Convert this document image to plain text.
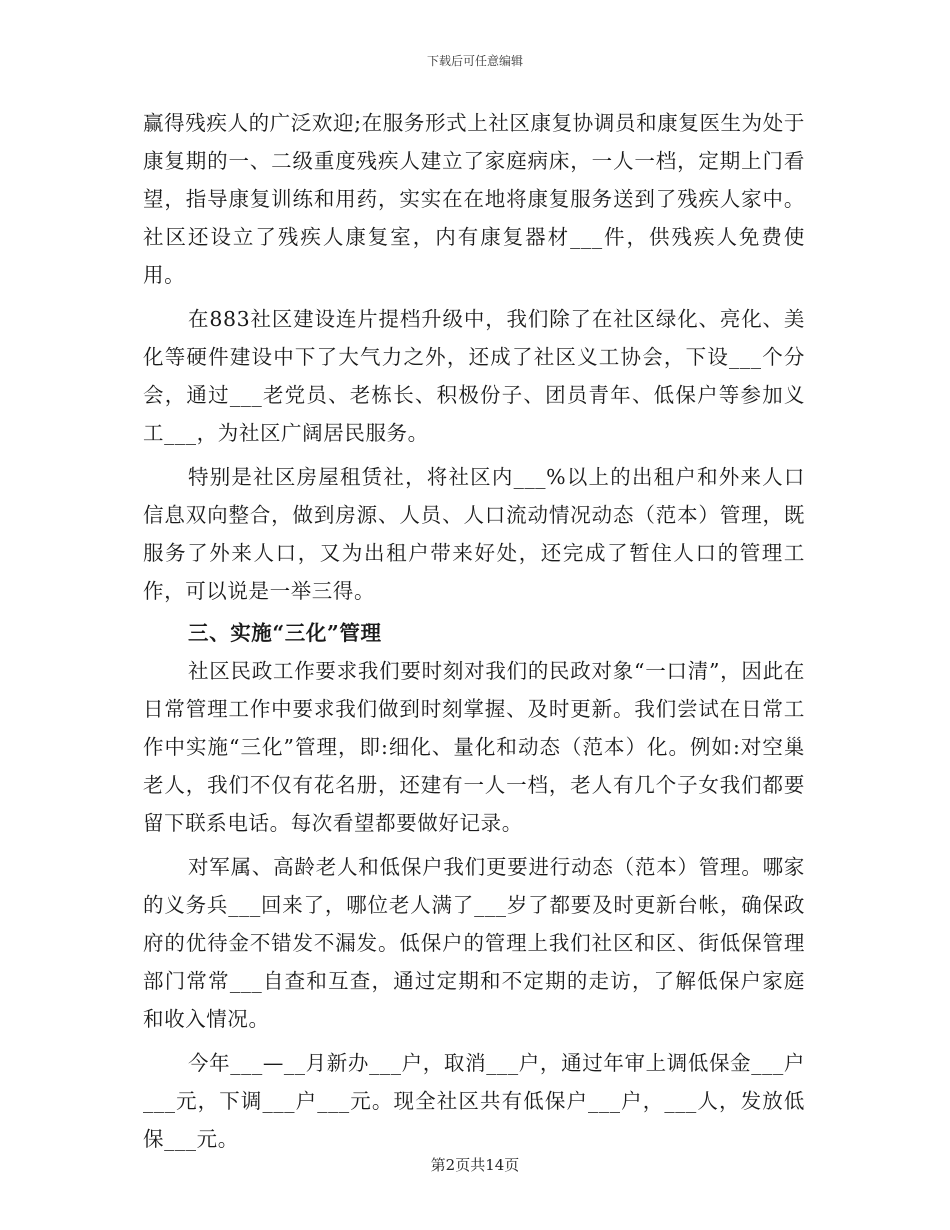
下载后可任意编辑

赢得残疾人的广泛欢迎;在服务形式上社区康复协调员和康复医生为处于康复期的一、二级重度残疾人建立了家庭病床，一人一档，定期上门看望，指导康复训练和用药，实实在在地将康复服务送到了残疾人家中。社区还设立了残疾人康复室，内有康复器材___件，供残疾人免费使用。

在883社区建设连片提档升级中，我们除了在社区绿化、亮化、美化等硬件建设中下了大气力之外，还成了社区义工协会，下设___个分会，通过___老党员、老栋长、积极份子、团员青年、低保户等参加义工___，为社区广阔居民服务。

特别是社区房屋租赁社，将社区内___%以上的出租户和外来人口信息双向整合，做到房源、人员、人口流动情况动态（范本）管理，既服务了外来人口，又为出租户带来好处，还完成了暂住人口的管理工作，可以说是一举三得。

三、实施“三化”管理

社区民政工作要求我们要时刻对我们的民政对象“一口清”，因此在日常管理工作中要求我们做到时刻掌握、及时更新。我们尝试在日常工作中实施“三化”管理，即:细化、量化和动态（范本）化。例如:对空巢老人，我们不仅有花名册，还建有一人一档，老人有几个子女我们都要留下联系电话。每次看望都要做好记录。

对军属、高龄老人和低保户我们更要进行动态（范本）管理。哪家的义务兵___回来了，哪位老人满了___岁了都要及时更新台帐，确保政府的优待金不错发不漏发。低保户的管理上我们社区和区、街低保管理部门常常___自查和互查，通过定期和不定期的走访，了解低保户家庭和收入情况。

今年___—__月新办___户，取消___户，通过年审上调低保金___户___元，下调___户___元。现全社区共有低保户___户，___人，发放低保___元。

第2页共14页
